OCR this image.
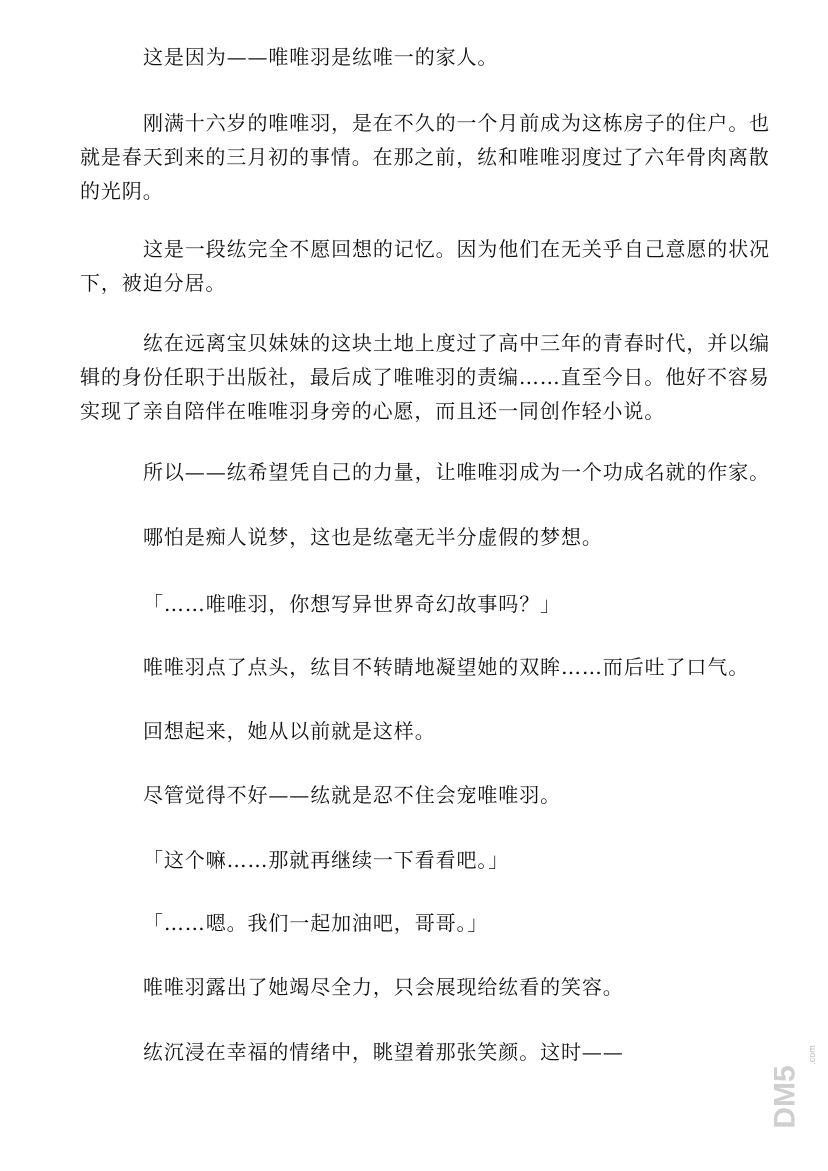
这是因为——唯唯羽是纮唯一的家人。

刚满十六岁的唯唯羽，是在不久的一个月前成为这栋房子的住户。也就是春天到来的三月初的事情。在那之前，纮和唯唯羽度过了六年骨肉离散的光阴。

这是一段纮完全不愿回想的记忆。因为他们在无关乎自己意愿的状况下，被迫分居。

纮在远离宝贝妹妹的这块土地上度过了高中三年的青春时代，并以编辑的身份任职于出版社，最后成了唯唯羽的责编……直至今日。他好不容易实现了亲自陪伴在唯唯羽身旁的心愿，而且还一同创作轻小说。

所以——纮希望凭自己的力量，让唯唯羽成为一个功成名就的作家。

哪怕是痴人说梦，这也是纮毫无半分虚假的梦想。

「……唯唯羽，你想写异世界奇幻故事吗？」

唯唯羽点了点头，纮目不转睛地凝望她的双眸……而后吐了口气。

回想起来，她从以前就是这样。

尽管觉得不好——纮就是忍不住会宠唯唯羽。

「这个嘛……那就再继续一下看看吧。」

「……嗯。我们一起加油吧，哥哥。」

唯唯羽露出了她竭尽全力，只会展现给纮看的笑容。

纮沉浸在幸福的情绪中，眺望着那张笑颜。这时——

DM5
.com
